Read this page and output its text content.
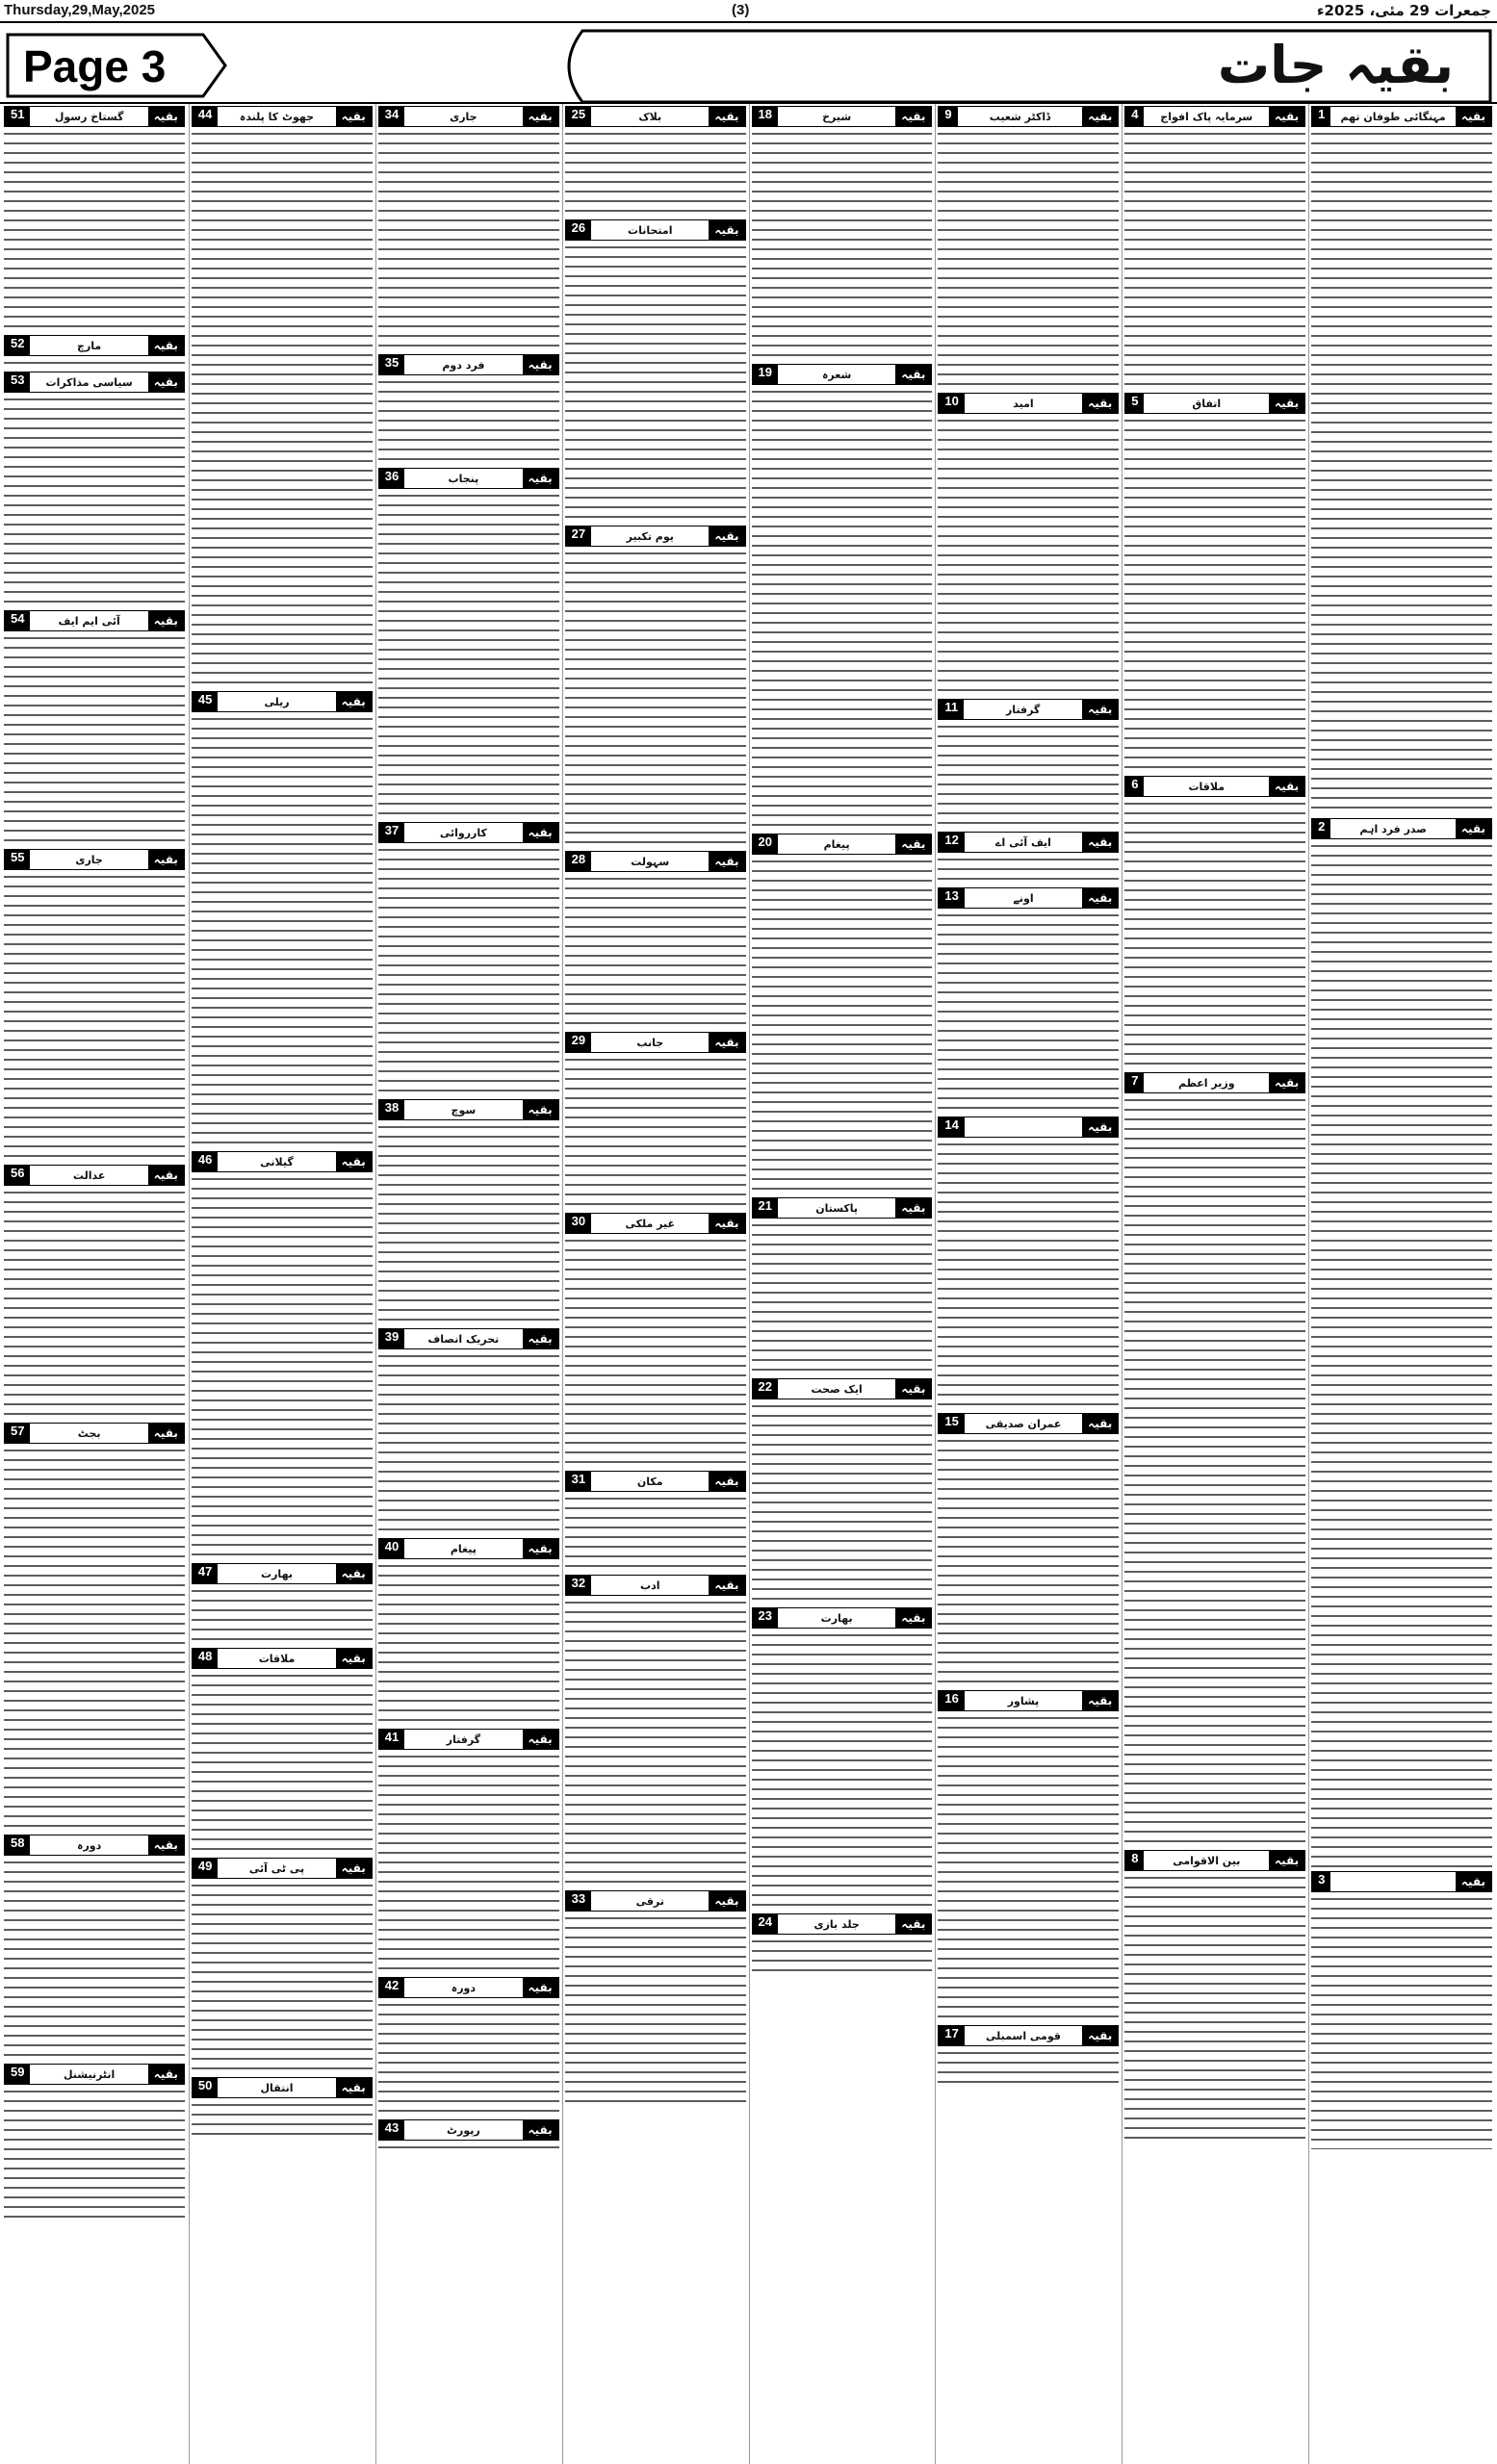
Thursday,29,May,2025	(3)	جمعرات 29 مئی، 2025ء
Page 3	بقیہ جات
بقیہ
مہنگائی طوفان تھم
1
بقیہ
صدر فرد اہم
2
بقیہ
3
بقیہ
سرمایہ پاک افواج
4
بقیہ
اتفاق
5
بقیہ
ملاقات
6
بقیہ
وزیر اعظم
7
بقیہ
بین الاقوامی
8
بقیہ
ڈاکٹر شعیب
9
بقیہ
امید
10
بقیہ
گرفتار
11
بقیہ
ایف آئی اے
12
بقیہ
اونے
13
بقیہ
14
بقیہ
عمران صدیقی
15
بقیہ
پشاور
16
بقیہ
قومی اسمبلی
17
بقیہ
شیرخ
18
بقیہ
شعرہ
19
بقیہ
پیغام
20
بقیہ
پاکستان
21
بقیہ
ایک صحت
22
بقیہ
بھارت
23
بقیہ
جلد بازی
24
بقیہ
بلاک
25
بقیہ
امتحانات
26
بقیہ
یوم تکبیر
27
بقیہ
سہولت
28
بقیہ
جانب
29
بقیہ
غیر ملکی
30
بقیہ
مکان
31
بقیہ
ادب
32
بقیہ
ترقی
33
بقیہ
جاری
34
بقیہ
فرد دوم
35
بقیہ
پنجاب
36
بقیہ
کارروائی
37
بقیہ
سوچ
38
بقیہ
تحریک انصاف
39
بقیہ
پیغام
40
بقیہ
گرفتار
41
بقیہ
دورہ
42
بقیہ
رپورٹ
43
بقیہ
جھوٹ کا پلندہ
44
بقیہ
ریلی
45
بقیہ
گیلانی
46
بقیہ
بھارت
47
بقیہ
ملاقات
48
بقیہ
پی ٹی آئی
49
بقیہ
انتقال
50
بقیہ
گستاخ رسول
51
بقیہ
مارچ
52
بقیہ
سیاسی مذاکرات
53
بقیہ
آئی ایم ایف
54
بقیہ
جاری
55
بقیہ
عدالت
56
بقیہ
بجٹ
57
بقیہ
دورہ
58
بقیہ
انٹرنیشنل
59
